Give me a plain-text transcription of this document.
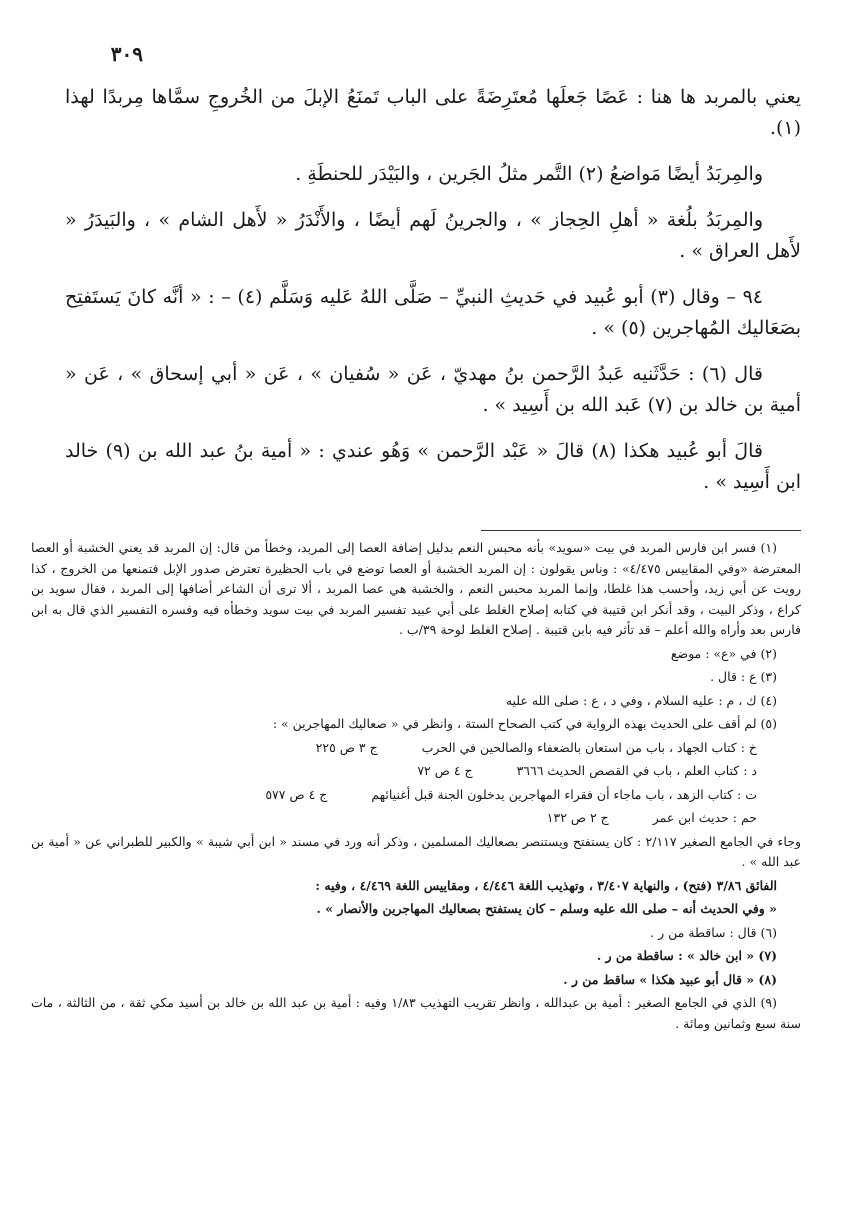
٣٠٩

يعني بالمربد ها هنا : عَصًا جَعلَها مُعتَرِضَةً على الباب تَمنَعُ الإبلَ من الخُروجِ سمَّاها مِربدًا لهذا (١).

والمِربَدُ أيضًا مَواضعُ (٢) التَّمر مثلُ الجَرين ، والبَيْدَر للحنطَةِ .

والمِربَدُ بلُغة « أهلِ الحِجاز » ، والجرينُ لَهم أيضًا ، والأَنْدَرُ « لأَهل الشام » ، والبَيدَرُ « لأَهل العراق » .

٩٤ – وقال (٣) أبو عُبيد في حَديثِ النبيِّ – صَلَّى اللهُ عَليه وَسَلَّم (٤) – : « أنَّه كانَ يَستَفتِح بصَعَاليك المُهاجرين (٥) » .

قال (٦) : حَدَّثَنيه عَبدُ الرَّحمن بنُ مهديّ ، عَن « سُفيان » ، عَن « أبي إسحاق » ، عَن « أمية بن خالد بن (٧) عَبد الله بن أَسِيد » .

قالَ أبو عُبيد هكذا (٨) قالَ « عَبْد الرَّحمن » وَهُو عندي : « أمية بنُ عبد الله بن (٩) خالد ابن أَسِيد » .

(١) فسر ابن فارس المربد في بيت «سويد» بأنه محبس النعم بدليل إضافة العصا إلى المربد، وخطأ من قال: إن المربد قد يعني الخشبة أو العصا المعترضة «وفي المقاييس ٤/٤٧٥» : وناس يقولون : إن المربد الخشبة أو العصا توضع في باب الحظيرة تعترض صدور الإبل فتمنعها من الخروج ، كذا رويت عن أبي زيد، وأحسب هذا غلطا، وإنما المربد محبس النعم ، والخشبة هي عصا المربد ، ألا ترى أن الشاعر أضافها إلى المربد ، فقال سويد بن كراع ، وذكر البيت ، وقد أنكر ابن قتيبة في كتابه إصلاح الغلط على أبي عبيد تفسير المربد في بيت سويد وخطأه فيه وفسره التفسير الذي قال به ابن فارس بعد وأراه والله أعلم – قد تأثر فيه بابن قتيبة . إصلاح الغلط لوحة ٣٩/ب .

(٢) في «ع» : موضع

(٣) ع : قال .

(٤) ك ، م : عليه السلام ، وفي د ، ع : صلى الله عليه

(٥) لم أقف على الحديث بهذه الرواية في كتب الصحاح الستة ، وانظر في « صعاليك المهاجرين » :

خ : كتاب الجهاد ، باب من استعان بالضعفاء والصالحين في الحرب ج ٣ ص ٢٢٥

د : كتاب العلم ، باب في القصص الحديث ٣٦٦٦ ج ٤ ص ٧٢

ت : كتاب الزهد ، باب ماجاء أن فقراء المهاجرين يدخلون الجنة قبل أغنيائهم ج ٤ ص ٥٧٧

حم : حديث ابن عمر ج ٢ ص ١٣٢

وجاء في الجامع الصغير ٢/١١٧ : كان يستفتح ويستنصر بصعاليك المسلمين ، وذكر أنه ورد في مسند « ابن أبي شيبة » والكبير للطبراني عن « أمية بن عبد الله » .

الفائق ٣/٨٦ (فتح) ، والنهاية ٣/٤٠٧ ، وتهذيب اللغة ٤/٤٤٦ ، ومقاييس اللغة ٤/٤٦٩ ، وفيه :

« وفي الحديث أنه – صلى الله عليه وسلم – كان يستفتح بصعاليك المهاجرين والأنصار » .

(٦) قال : ساقطة من ر .

(٧) « ابن خالد » : ساقطة من ر .

(٨) « قال أبو عبيد هكذا » ساقط من ر .

(٩) الذي في الجامع الصغير : أمية بن عبدالله ، وانظر تقريب التهذيب ١/٨٣ وفيه : أمية بن عبد الله بن خالد بن أسيد مكي ثقة ، من الثالثة ، مات سنة سبع وثمانين ومائة .
